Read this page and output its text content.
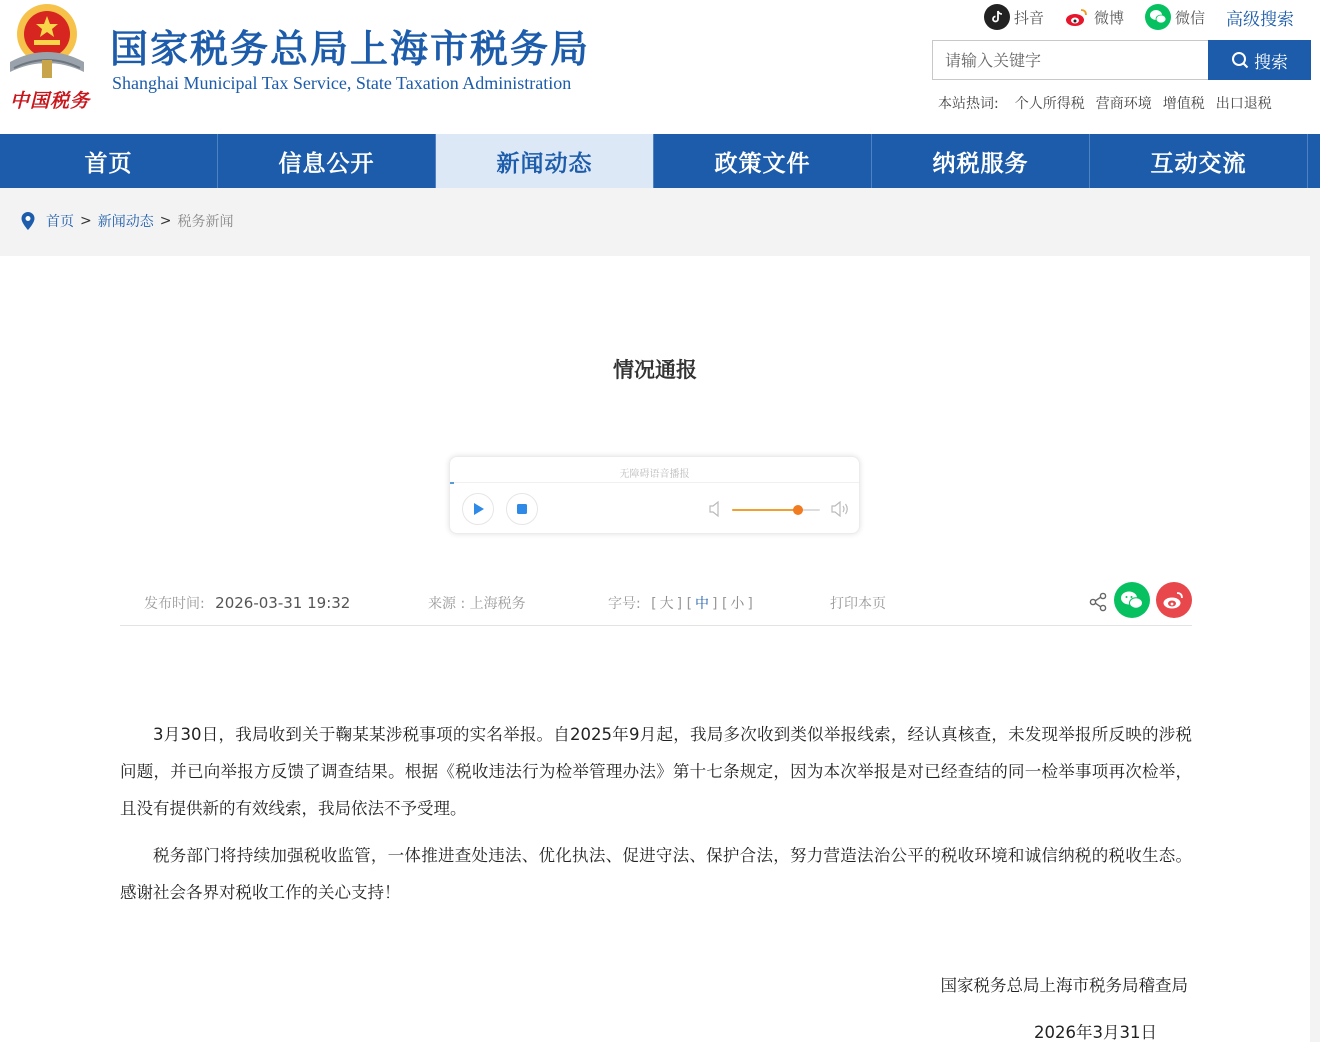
中国税务
国家税务总局上海市税务局
Shanghai Municipal Tax Service, State Taxation Administration
抖音	微博	微信 高级搜索
请输入关键字
搜索
本站热词: 个人所得税 营商环境 增值税 出口退税
首页	信息公开	新闻动态	政策文件	纳税服务	互动交流
首页 > 新闻动态 > 税务新闻
情况通报
无障碍语音播报
发布时间: 2026-03-31 19:32	来源 : 上海税务	字号: [ 大 ] [ 中 ] [ 小 ]	打印本页

3月30日，我局收到关于鞠某某涉税事项的实名举报。自2025年9月起，我局多次收到类似举报线索，经认真核查，未发现举报所反映的涉税问题，并已向举报方反馈了调查结果。根据《税收违法行为检举管理办法》第十七条规定，因为本次举报是对已经查结的同一检举事项再次检举，且没有提供新的有效线索，我局依法不予受理。

税务部门将持续加强税收监管，一体推进查处违法、优化执法、促进守法、保护合法，努力营造法治公平的税收环境和诚信纳税的税收生态。感谢社会各界对税收工作的关心支持！

国家税务总局上海市税务局稽查局
2026年3月31日
